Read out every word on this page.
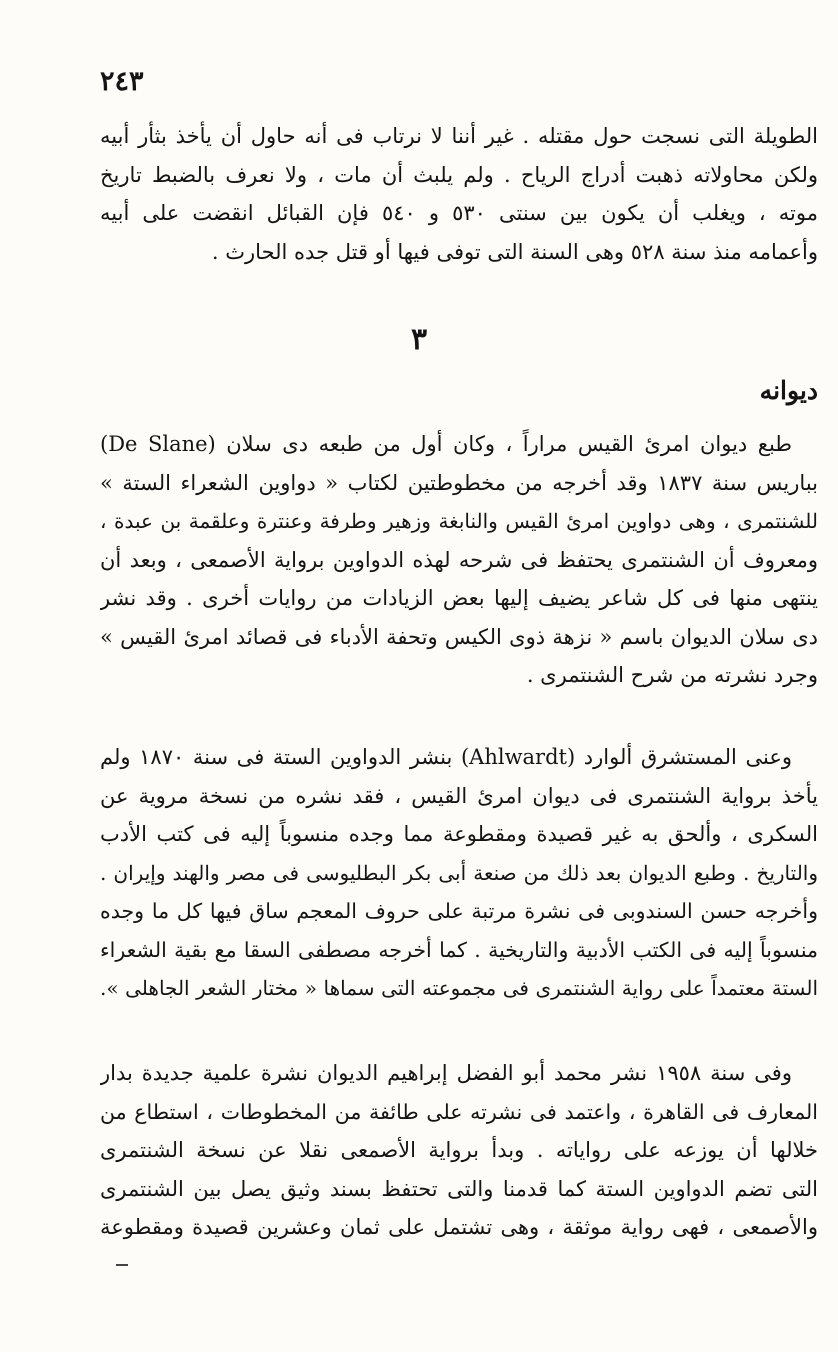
٢٤٣
الطويلة التى نسجت حول مقتله . غير أننا لا نرتاب فى أنه حاول أن يأخذ بثأر أبيه
ولكن محاولاته ذهبت أدراج الرياح . ولم يلبث أن مات ، ولا نعرف بالضبط تاريخ
موته ، ويغلب أن يكون بين سنتى ٥٣٠ و ٥٤٠ فإن القبائل انقضت على أبيه
وأعمامه منذ سنة ٥٢٨ وهى السنة التى توفى فيها أو قتل جده الحارث .
٣
ديوانه
طبع ديوان امرئ القيس مراراً ، وكان أول من طبعه دى سلان (De Slane)
بباريس سنة ١٨٣٧ وقد أخرجه من مخطوطتين لكتاب « دواوين الشعراء الستة »
للشنتمرى ، وهى دواوين امرئ القيس والنابغة وزهير وطرفة وعنترة وعلقمة بن عبدة ،
ومعروف أن الشنتمرى يحتفظ فى شرحه لهذه الدواوين برواية الأصمعى ، وبعد أن
ينتهى منها فى كل شاعر يضيف إليها بعض الزيادات من روايات أخرى . وقد نشر
دى سلان الديوان باسم « نزهة ذوى الكيس وتحفة الأدباء فى قصائد امرئ القيس »
وجرد نشرته من شرح الشنتمرى .
وعنى المستشرق ألوارد (Ahlwardt) بنشر الدواوين الستة فى سنة ١٨٧٠ ولم
يأخذ برواية الشنتمرى فى ديوان امرئ القيس ، فقد نشره من نسخة مروية عن
السكرى ، وألحق به غير قصيدة ومقطوعة مما وجده منسوباً إليه فى كتب الأدب
والتاريخ . وطبع الديوان بعد ذلك من صنعة أبى بكر البطليوسى فى مصر والهند وإيران .
وأخرجه حسن السندوبى فى نشرة مرتبة على حروف المعجم ساق فيها كل ما وجده
منسوباً إليه فى الكتب الأدبية والتاريخية . كما أخرجه مصطفى السقا مع بقية الشعراء
الستة معتمداً على رواية الشنتمرى فى مجموعته التى سماها « مختار الشعر الجاهلى ».
وفى سنة ١٩٥٨ نشر محمد أبو الفضل إبراهيم الديوان نشرة علمية جديدة بدار
المعارف فى القاهرة ، واعتمد فى نشرته على طائفة من المخطوطات ، استطاع من
خلالها أن يوزعه على رواياته . وبدأ برواية الأصمعى نقلا عن نسخة الشنتمرى
التى تضم الدواوين الستة كما قدمنا والتى تحتفظ بسند وثيق يصل بين الشنتمرى
والأصمعى ، فهى رواية موثقة ، وهى تشتمل على ثمان وعشرين قصيدة ومقطوعة
